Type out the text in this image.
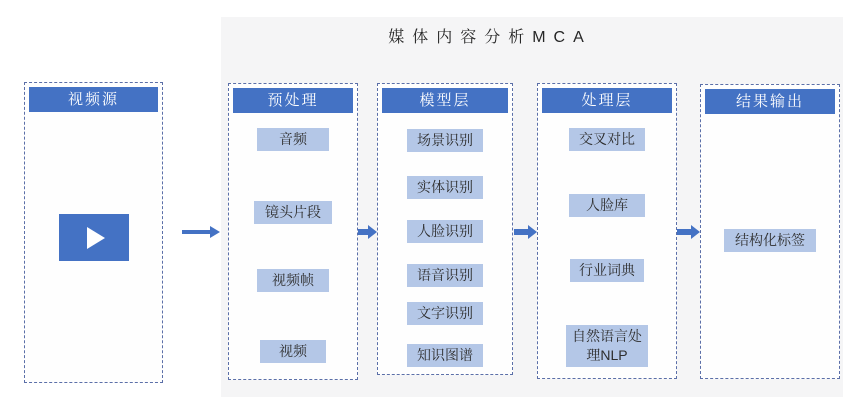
媒体内容分析MCA
视频源	预处理
音频
镜头片段
视频帧
视频
模型层
场景识别
实体识别
人脸识别
语音识别
文字识别
知识图谱
处理层
交叉对比
人脸库
行业词典
自然语言处理NLP
结果输出
结构化标签
